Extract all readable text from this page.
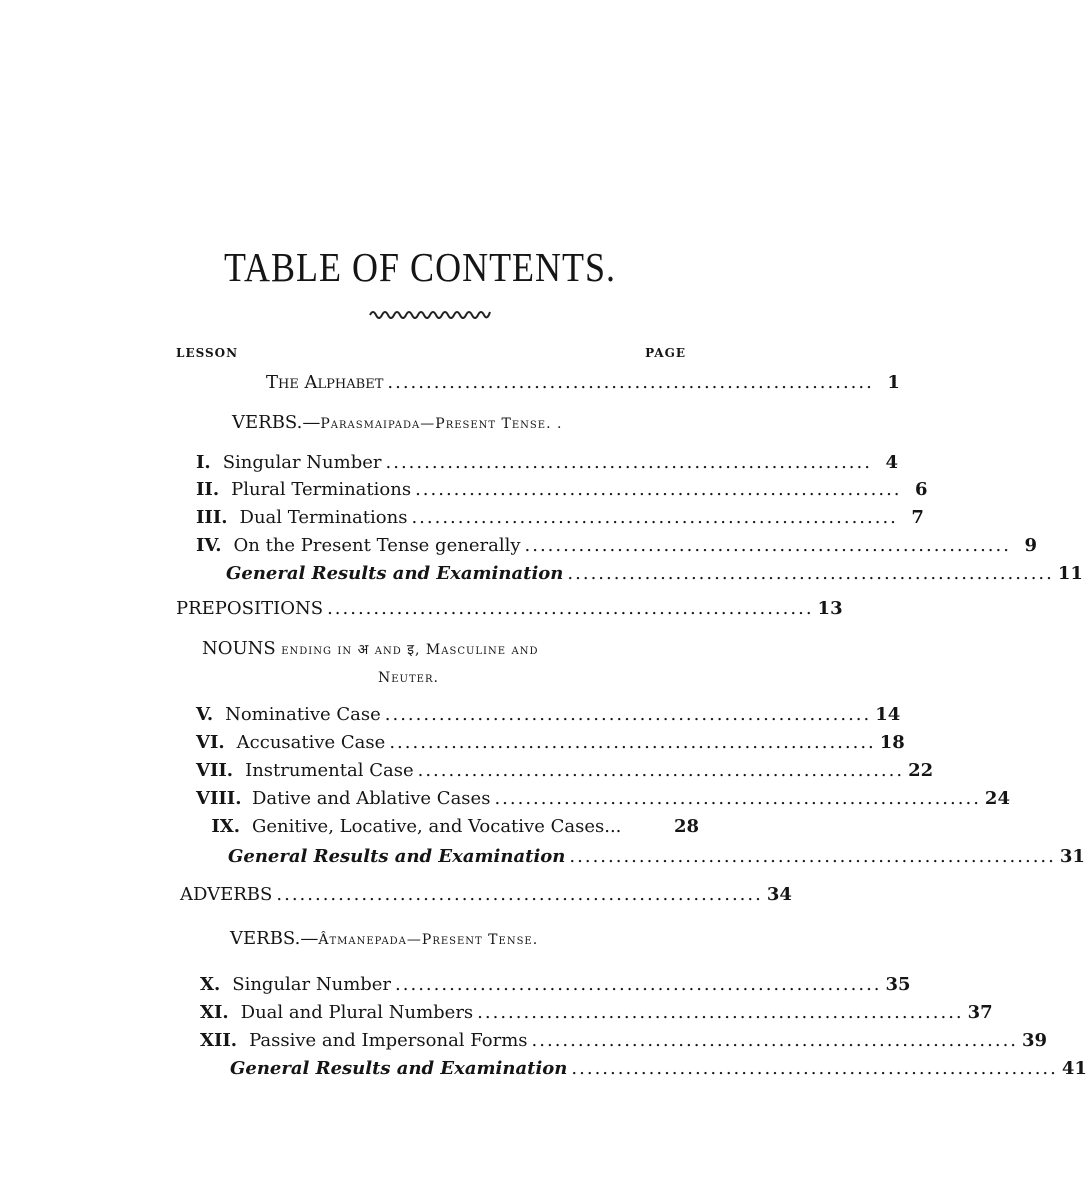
TABLE OF CONTENTS.
LESSON	PAGE
The Alphabet ............................................................... 1
VERBS.—Parasmaipada—Present Tense. .
I. Singular Number ............................................................... 4
II. Plural Terminations ............................................................... 6
III. Dual Terminations ............................................................... 7
IV. On the Present Tense generally ............................................................... 9
General Results and Examination ............................................................... 11
PREPOSITIONS ............................................................... 13
NOUNS ending in अ and इ, Masculine and
Neuter.
V. Nominative Case ............................................................... 14
VI. Accusative Case ............................................................... 18
VII. Instrumental Case ............................................................... 22
VIII. Dative and Ablative Cases ............................................................... 24
IX. Genitive, Locative, and Vocative Cases...	28
General Results and Examination ............................................................... 31
ADVERBS ............................................................... 34
VERBS.—Âtmanepada—Present Tense.
X. Singular Number ............................................................... 35
XI. Dual and Plural Numbers ............................................................... 37
XII. Passive and Impersonal Forms ............................................................... 39
General Results and Examination ............................................................... 41
